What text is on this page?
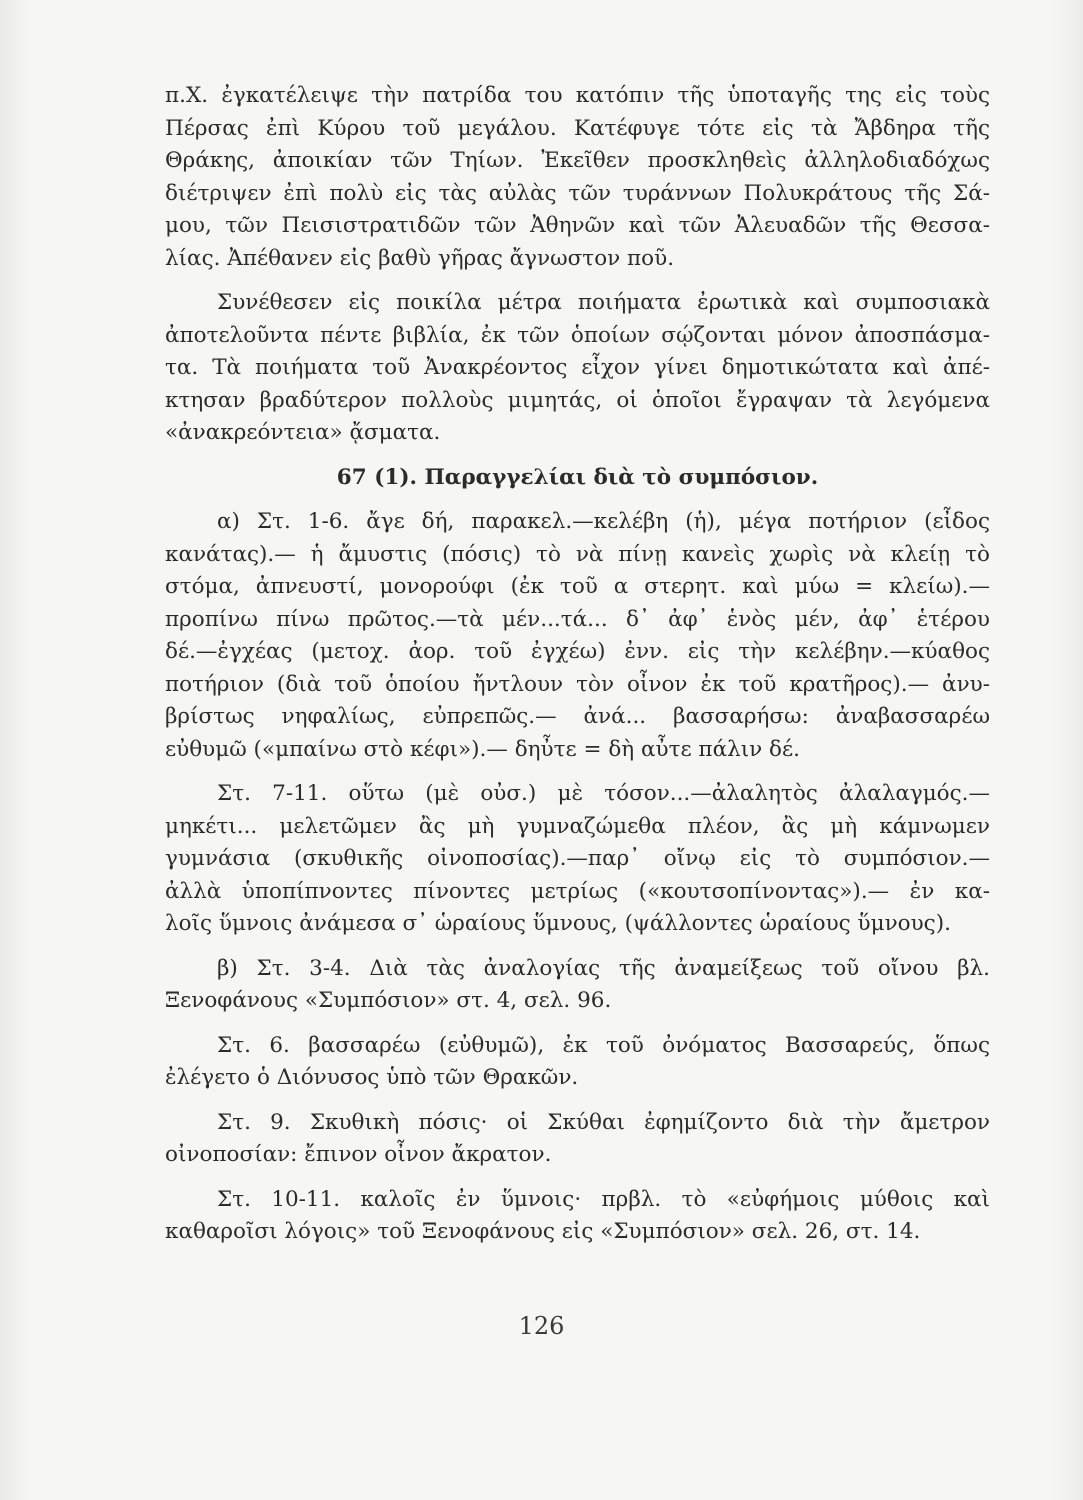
π.Χ. ἐγκατέλειψε τὴν πατρίδα του κατόπιν τῆς ὑποταγῆς της εἰς τοὺς

Πέρσας ἐπὶ Κύρου τοῦ μεγάλου. Κατέφυγε τότε εἰς τὰ Ἄβδηρα τῆς

Θράκης, ἀποικίαν τῶν Τηίων. Ἐκεῖθεν προσκληθεὶς ἀλληλοδιαδόχως

διέτριψεν ἐπὶ πολὺ εἰς τὰς αὐλὰς τῶν τυράννων Πολυκράτους τῆς Σά-

μου, τῶν Πεισιστρατιδῶν τῶν Ἀθηνῶν καὶ τῶν Ἀλευαδῶν τῆς Θεσσα-

λίας. Ἀπέθανεν εἰς βαθὺ γῆρας ἄγνωστον ποῦ.

Συνέθεσεν εἰς ποικίλα μέτρα ποιήματα ἐρωτικὰ καὶ συμποσιακὰ

ἀποτελοῦντα πέντε βιβλία, ἐκ τῶν ὁποίων σῴζονται μόνον ἀποσπάσμα-

τα. Τὰ ποιήματα τοῦ Ἀνακρέοντος εἶχον γίνει δημοτικώτατα καὶ ἀπέ-

κτησαν βραδύτερον πολλοὺς μιμητάς, οἱ ὁποῖοι ἔγραψαν τὰ λεγόμενα

«ἀνακρεόντεια» ᾄσματα.

67 (1). Παραγγελίαι διὰ τὸ συμπόσιον.

α) Στ. 1-6. ἄγε δή, παρακελ.—κελέβη (ἡ), μέγα ποτήριον (εἶδος

κανάτας).— ἡ ἄμυστις (πόσις) τὸ νὰ πίνῃ κανεὶς χωρὶς νὰ κλείῃ τὸ

στόμα, ἀπνευστί, μονορούφι (ἐκ τοῦ α στερητ. καὶ μύω = κλείω).—

προπίνω πίνω πρῶτος.—τὰ μέν...τά... δ᾿ ἀφ᾿ ἑνὸς μέν, ἀφ᾿ ἑτέρου

δέ.—ἐγχέας (μετοχ. ἀορ. τοῦ ἐγχέω) ἐνν. εἰς τὴν κελέβην.—κύαθος

ποτήριον (διὰ τοῦ ὁποίου ἤντλουν τὸν οἶνον ἐκ τοῦ κρατῆρος).— ἀνυ-

βρίστως νηφαλίως, εὐπρεπῶς.— ἀνά... βασσαρήσω: ἀναβασσαρέω

εὐθυμῶ («μπαίνω στὸ κέφι»).— δηὖτε = δὴ αὖτε πάλιν δέ.

Στ. 7-11. οὕτω (μὲ οὐσ.) μὲ τόσον...—ἀλαλητὸς ἀλαλαγμός.—

μηκέτι... μελετῶμεν ἂς μὴ γυμναζώμεθα πλέον, ἂς μὴ κάμνωμεν

γυμνάσια (σκυθικῆς οἰνοποσίας).—παρ᾿ οἴνῳ εἰς τὸ συμπόσιον.—

ἀλλὰ ὑποπίπνοντες πίνοντες μετρίως («κουτσοπίνοντας»).— ἐν κα-

λοῖς ὕμνοις ἀνάμεσα σ᾿ ὡραίους ὕμνους, (ψάλλοντες ὡραίους ὕμνους).

β) Στ. 3-4. Διὰ τὰς ἀναλογίας τῆς ἀναμείξεως τοῦ οἴνου βλ.

Ξενοφάνους «Συμπόσιον» στ. 4, σελ. 96.

Στ. 6. βασσαρέω (εὐθυμῶ), ἐκ τοῦ ὀνόματος Βασσαρεύς, ὅπως

ἐλέγετο ὁ Διόνυσος ὑπὸ τῶν Θρακῶν.

Στ. 9. Σκυθικὴ πόσις· οἱ Σκύθαι ἐφημίζοντο διὰ τὴν ἄμετρον

οἰνοποσίαν: ἔπινον οἶνον ἄκρατον.

Στ. 10-11. καλοῖς ἐν ὕμνοις· πρβλ. τὸ «εὐφήμοις μύθοις καὶ

καθαροῖσι λόγοις» τοῦ Ξενοφάνους εἰς «Συμπόσιον» σελ. 26, στ. 14.

126
